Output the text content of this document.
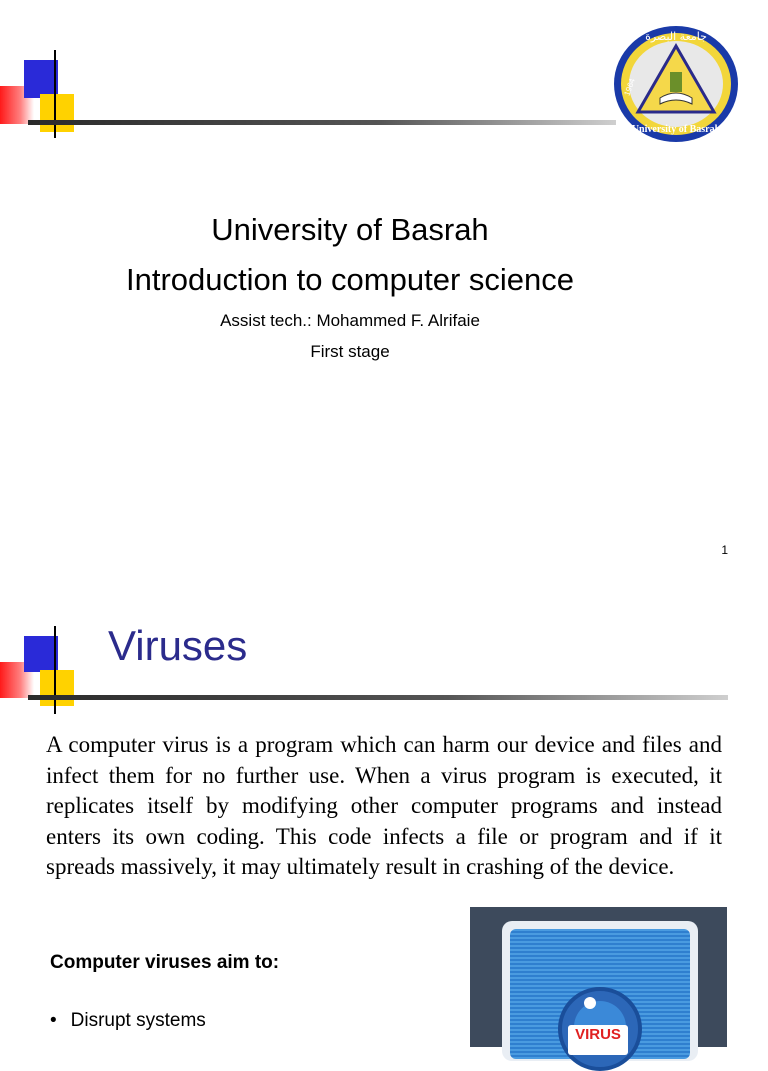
جامعة البصرة
University of Basrah
1964
University of Basrah
Introduction to computer science
Assist tech.: Mohammed F. Alrifaie
First stage
1
Viruses
A computer virus is a program which can harm our device and files and infect them for no further use. When a virus program is executed, it replicates itself by modifying other computer programs and instead enters its own coding. This code infects a file or program and if it spreads massively, it may ultimately result in crashing of the device.
Computer viruses aim to:
• Disrupt systems
VIRUS
